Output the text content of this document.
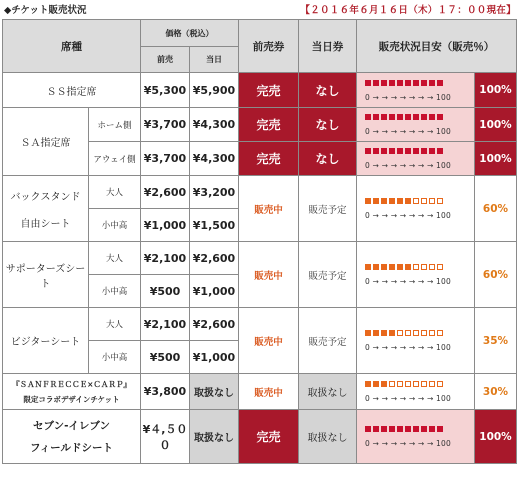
◆チケット販売状況	【２０１６年６月１６日（木）１７：００現在】
席種		価格（税込）		前売券	当日券	販売状況目安（販売％）	
		前売	当日				
ＳＳ指定席		¥5,300	¥5,900	完売	なし	0 → → → → → → → 100	100%
ＳＡ指定席	ホーム側	¥3,700	¥4,300	完売	なし	0 → → → → → → → 100	100%
	アウェイ側	¥3,700	¥4,300	完売	なし	0 → → → → → → → 100	100%

バックスタンド
自由シート	大人	¥2,600	¥3,200	販売中	販売予定	0 → → → → → → → 100	60%
	小中高	¥1,000	¥1,500				
サポーターズシート	大人	¥2,100	¥2,600	販売中	販売予定	0 → → → → → → → 100	60%
	小中高	¥500	¥1,000				
ビジターシート	大人	¥2,100	¥2,600	販売中	販売予定	0 → → → → → → → 100	35%
	小中高	¥500	¥1,000				

『ＳＡＮＦＲＥＣＣＥ×ＣＡＲＰ』
限定コラボデザインチケット		¥3,800	取扱なし	販売中	取扱なし	0 → → → → → → → 100	30%

セブン-イレブン
フィールドシート		¥４,５００	取扱なし	完売	取扱なし	0 → → → → → → → 100	100%
